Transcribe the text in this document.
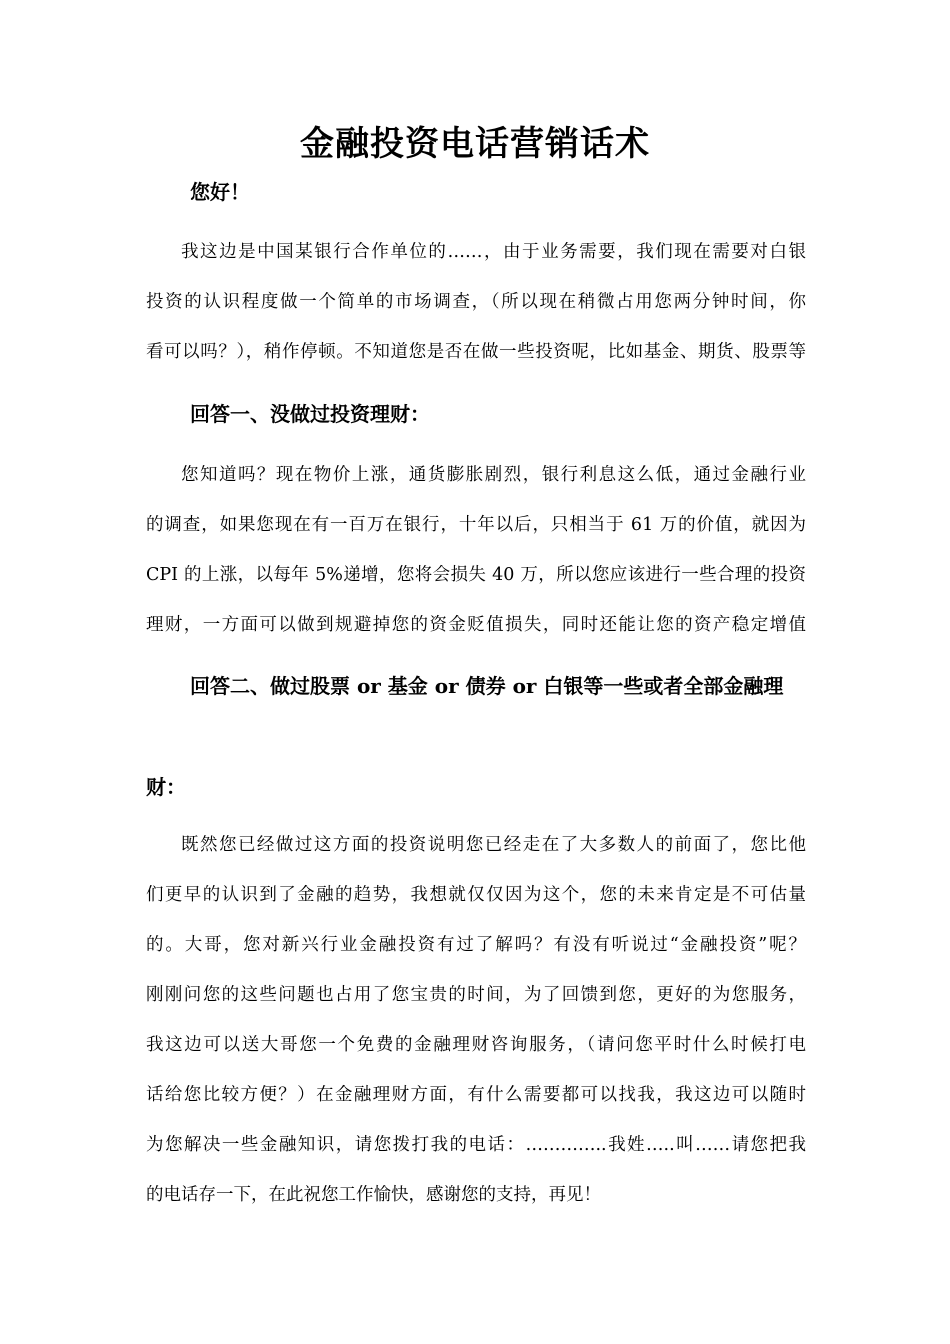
金融投资电话营销话术
您好！
我这边是中国某银行合作单位的……，由于业务需要，我们现在需要对白银
投资的认识程度做一个简单的市场调查，（所以现在稍微占用您两分钟时间，你
看可以吗？），稍作停顿。不知道您是否在做一些投资呢，比如基金、期货、股票等
回答一、没做过投资理财：
您知道吗？现在物价上涨，通货膨胀剧烈，银行利息这么低，通过金融行业
的调查，如果您现在有一百万在银行，十年以后，只相当于 61 万的价值，就因为
CPI 的上涨，以每年 5%递增，您将会损失 40 万，所以您应该进行一些合理的投资
理财，一方面可以做到规避掉您的资金贬值损失，同时还能让您的资产稳定增值
回答二、做过股票 or 基金 or 债券 or 白银等一些或者全部金融理
财：
既然您已经做过这方面的投资说明您已经走在了大多数人的前面了，您比他
们更早的认识到了金融的趋势，我想就仅仅因为这个，您的未来肯定是不可估量
的。大哥，您对新兴行业金融投资有过了解吗？有没有听说过“金融投资”呢？
刚刚问您的这些问题也占用了您宝贵的时间，为了回馈到您，更好的为您服务，
我这边可以送大哥您一个免费的金融理财咨询服务，（请问您平时什么时候打电
话给您比较方便？）在金融理财方面，有什么需要都可以找我，我这边可以随时
为您解决一些金融知识，请您拨打我的电话：…………..我姓…..叫……请您把我
的电话存一下，在此祝您工作愉快，感谢您的支持，再见！
